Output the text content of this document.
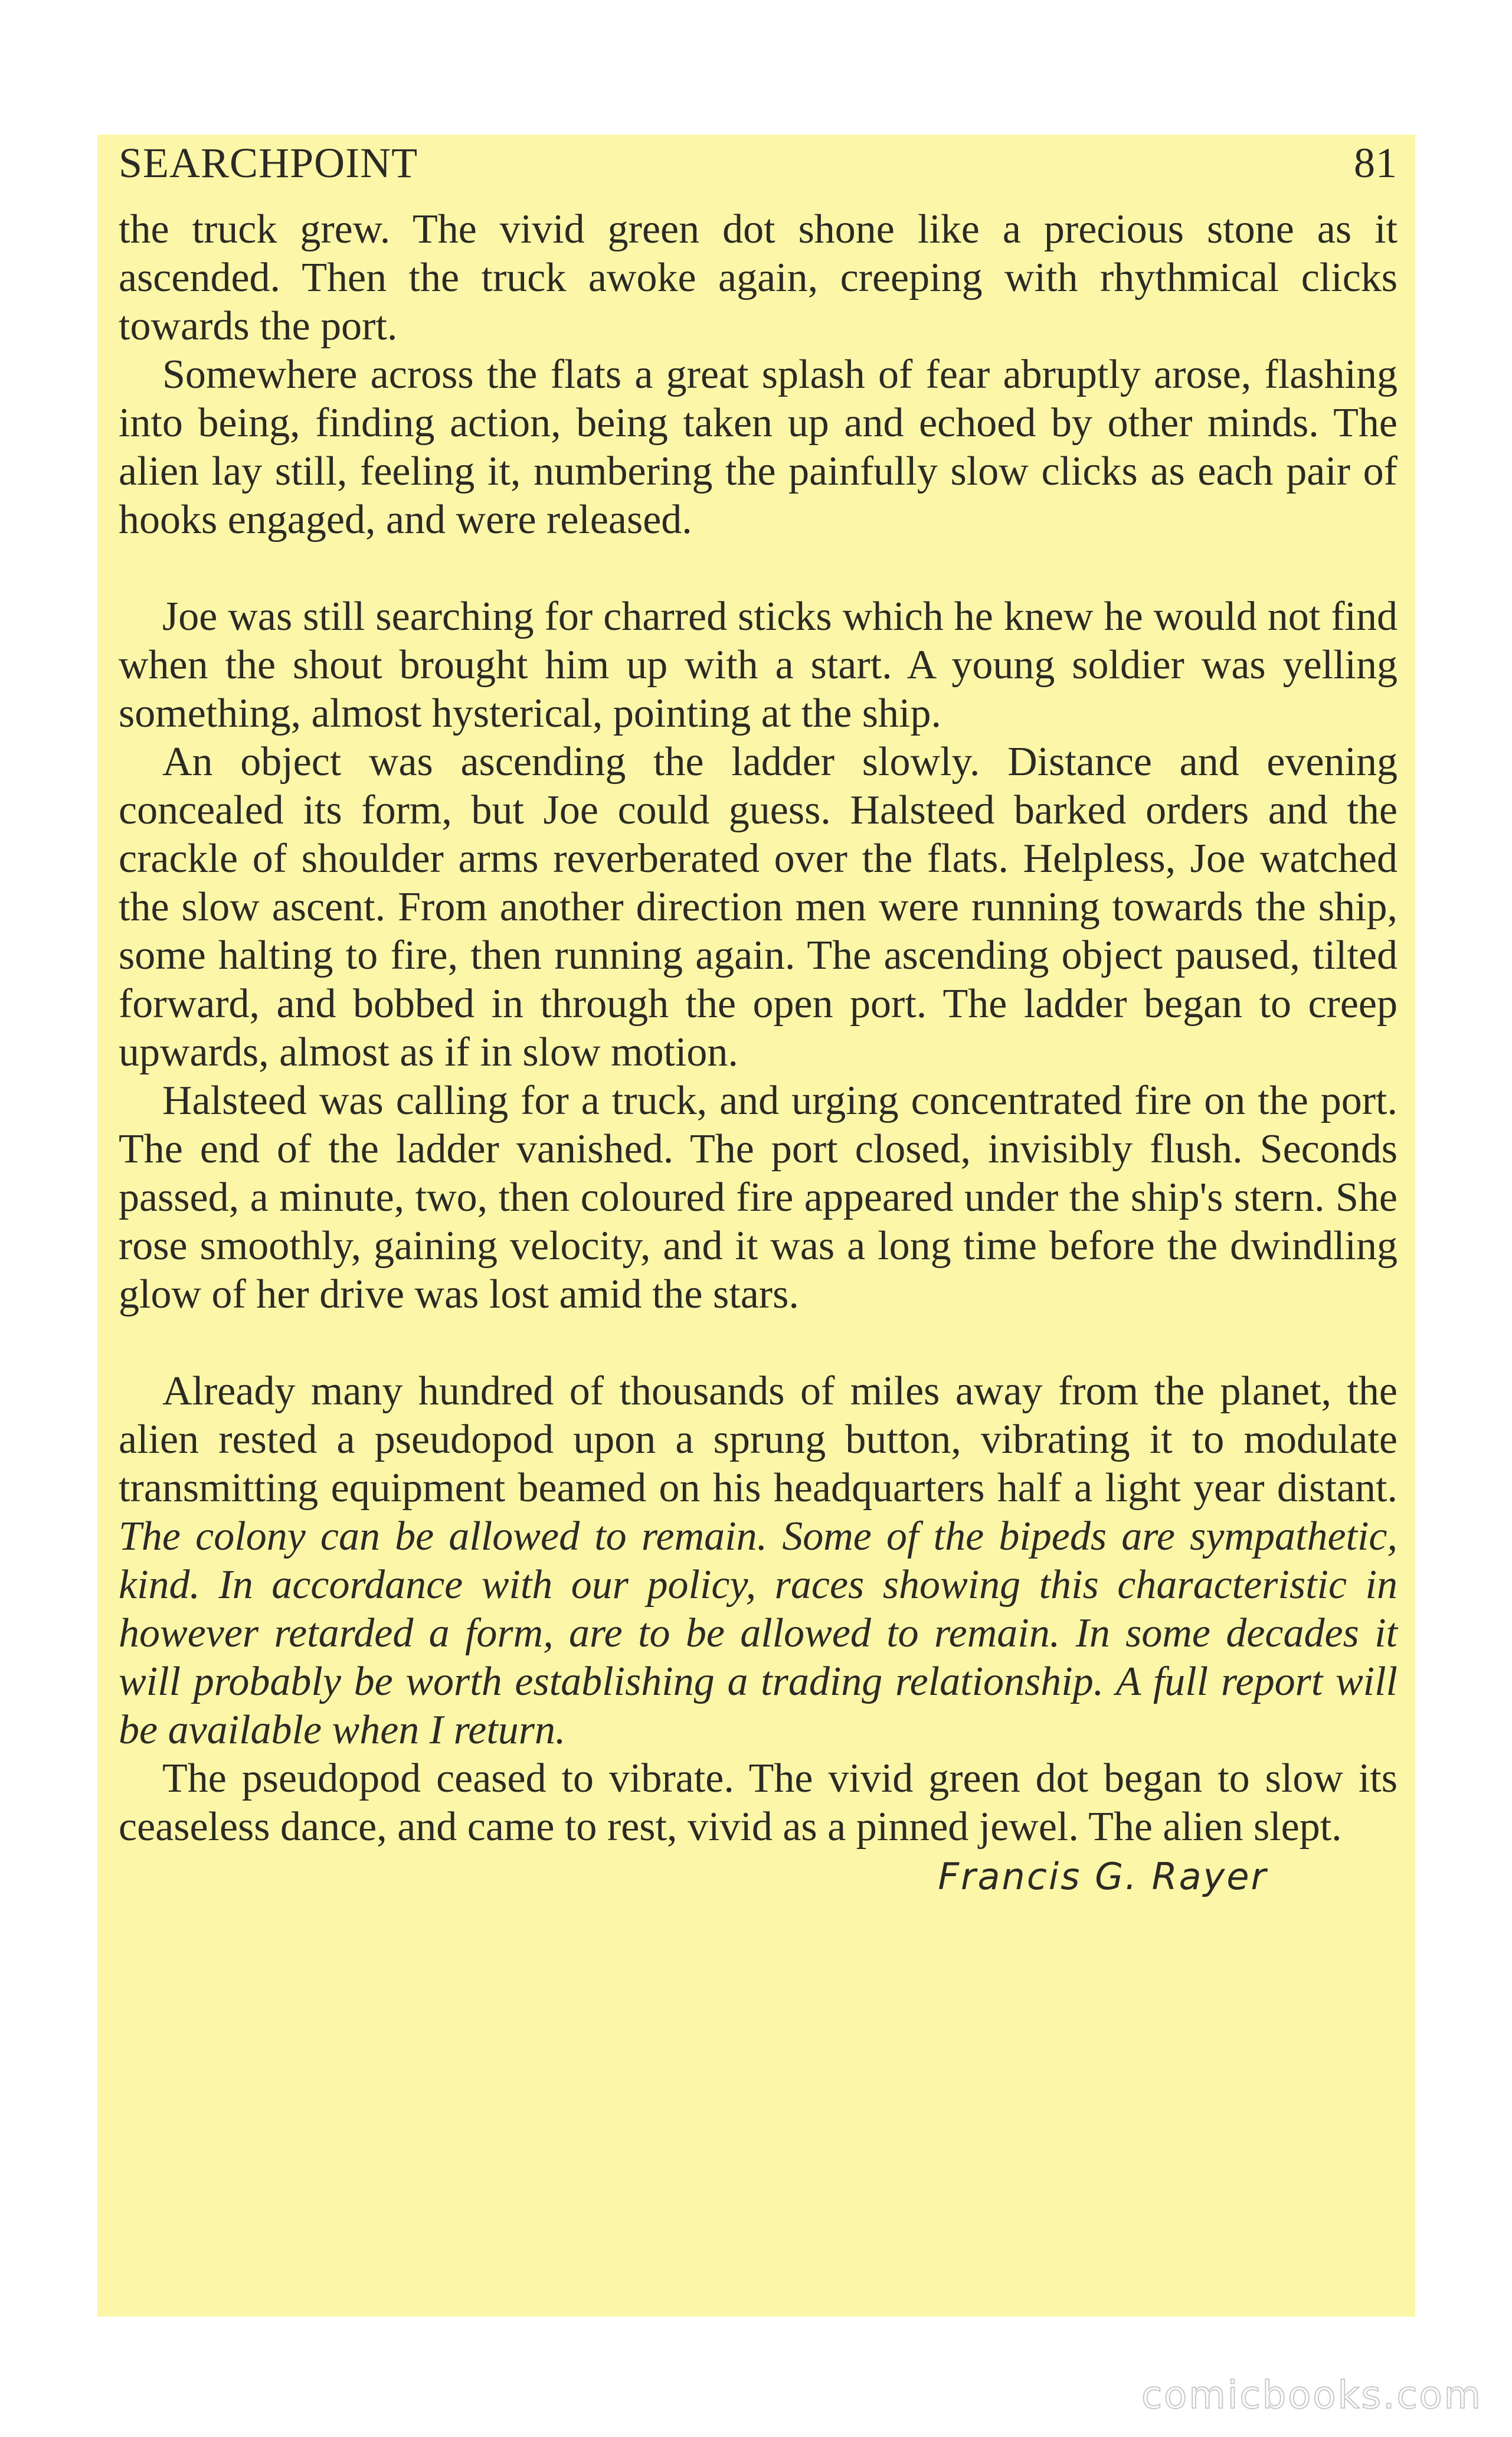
SEARCHPOINT	81

the truck grew. The vivid green dot shone like a precious stone as it ascended. Then the truck awoke again, creeping with rhythmical clicks towards the port.

Somewhere across the flats a great splash of fear abruptly arose, flashing into being, finding action, being taken up and echoed by other minds. The alien lay still, feeling it, numbering the painfully slow clicks as each pair of hooks engaged, and were released.

Joe was still searching for charred sticks which he knew he would not find when the shout brought him up with a start. A young soldier was yelling something, almost hysterical, pointing at the ship.

An object was ascending the ladder slowly. Distance and evening concealed its form, but Joe could guess. Halsteed barked orders and the crackle of shoulder arms reverberated over the flats. Helpless, Joe watched the slow ascent. From another direction men were running towards the ship, some halting to fire, then running again. The ascending object paused, tilted forward, and bobbed in through the open port. The ladder began to creep upwards, almost as if in slow motion.

Halsteed was calling for a truck, and urging concentrated fire on the port. The end of the ladder vanished. The port closed, invisibly flush. Seconds passed, a minute, two, then coloured fire appeared under the ship's stern. She rose smoothly, gaining velocity, and it was a long time before the dwindling glow of her drive was lost amid the stars.

Already many hundred of thousands of miles away from the planet, the alien rested a pseudopod upon a sprung button, vibrating it to modulate transmitting equipment beamed on his headquarters half a light year distant. The colony can be allowed to remain. Some of the bipeds are sympathetic, kind. In accordance with our policy, races showing this characteristic in however retarded a form, are to be allowed to remain. In some decades it will probably be worth establishing a trading relationship. A full report will be available when I return.

The pseudopod ceased to vibrate. The vivid green dot began to slow its ceaseless dance, and came to rest, vivid as a pinned jewel. The alien slept.

Francis G. Rayer
comicbooks.com
